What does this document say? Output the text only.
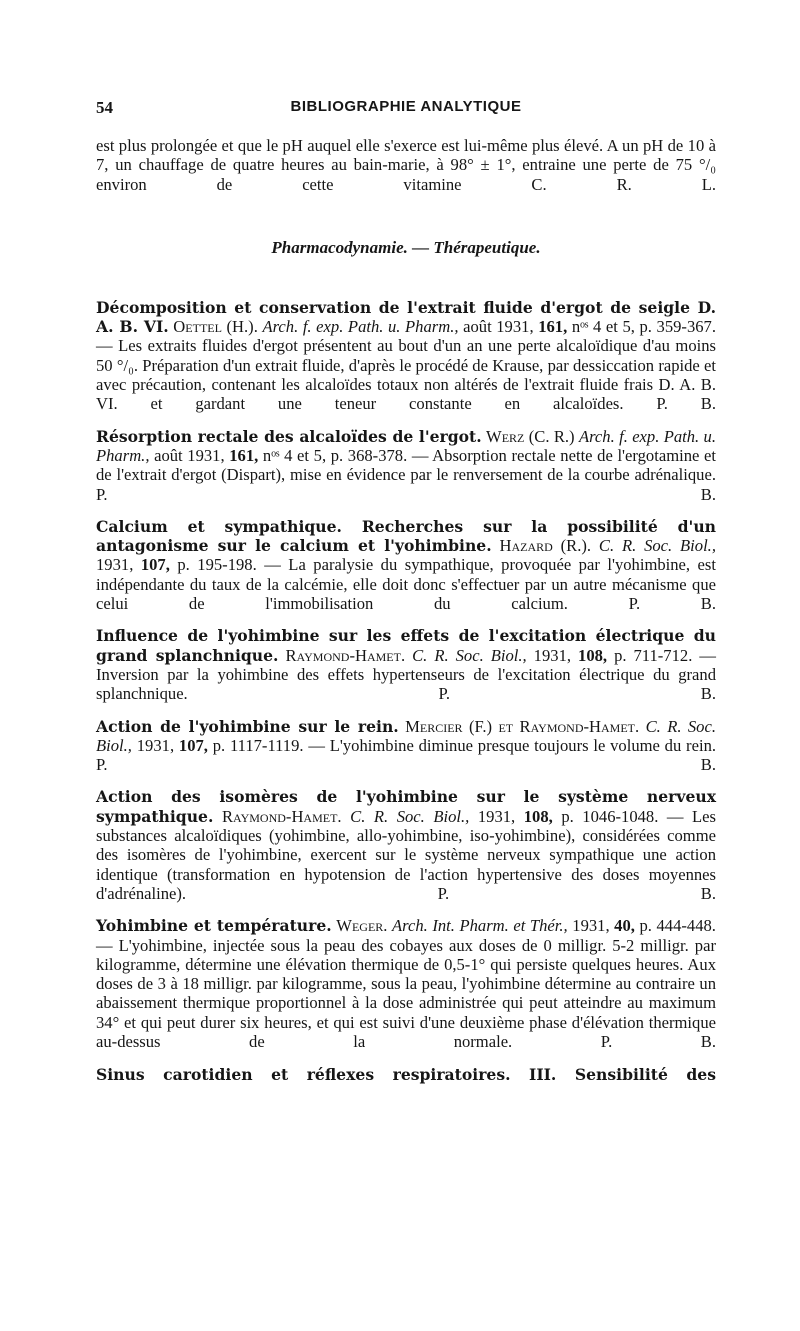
54	BIBLIOGRAPHIE ANALYTIQUE

est plus prolongée et que le pH auquel elle s'exerce est lui-même plus élevé. A un pH de 10 à 7, un chauffage de quatre heures au bain-marie, à 98° ± 1°, entraine une perte de 75 °/₀ environ de cette vitamine C.	R. L.

Pharmacodynamie. — Thérapeutique.

Décomposition et conservation de l'extrait fluide d'ergot de seigle D. A. B. VI. Oettel (H.). Arch. f. exp. Path. u. Pharm., août 1931, 161, nᵒˢ 4 et 5, p. 359-367. — Les extraits fluides d'ergot présentent au bout d'un an une perte alcaloïdique d'au moins 50 °/₀. Préparation d'un extrait fluide, d'après le procédé de Krause, par dessiccation rapide et avec précaution, contenant les alcaloïdes totaux non altérés de l'extrait fluide frais D. A. B. VI. et gardant une teneur constante en alcaloïdes. P. B.

Résorption rectale des alcaloïdes de l'ergot. Werz (C. R.) Arch. f. exp. Path. u. Pharm., août 1931, 161, nᵒˢ 4 et 5, p. 368-378. — Absorption rectale nette de l'ergotamine et de l'extrait d'ergot (Dispart), mise en évidence par le renversement de la courbe adrénalique. P. B.

Calcium et sympathique. Recherches sur la possibilité d'un antagonisme sur le calcium et l'yohimbine. Hazard (R.). C. R. Soc. Biol., 1931, 107, p. 195-198. — La paralysie du sympathique, provoquée par l'yohimbine, est indépendante du taux de la calcémie, elle doit donc s'effectuer par un autre mécanisme que celui de l'immobilisation du calcium.	P. B.

Influence de l'yohimbine sur les effets de l'excitation électrique du grand splanchnique. Raymond-Hamet. C. R. Soc. Biol., 1931, 108, p. 711-712. — Inversion par la yohimbine des effets hypertenseurs de l'excitation électrique du grand splanchnique.	P. B.

Action de l'yohimbine sur le rein. Mercier (F.) et Raymond-Hamet. C. R. Soc. Biol., 1931, 107, p. 1117-1119. — L'yohimbine diminue presque toujours le volume du rein. P. B.

Action des isomères de l'yohimbine sur le système nerveux sympathique. Raymond-Hamet. C. R. Soc. Biol., 1931, 108, p. 1046-1048. — Les substances alcaloïdiques (yohimbine, allo-yohimbine, iso-yohimbine), considérées comme des isomères de l'yohimbine, exercent sur le système nerveux sympathique une action identique (transformation en hypotension de l'action hypertensive des doses moyennes d'adrénaline).	P. B.

Yohimbine et température. Weger. Arch. Int. Pharm. et Thér., 1931, 40, p. 444-448. — L'yohimbine, injectée sous la peau des cobayes aux doses de 0 milligr. 5-2 milligr. par kilogramme, détermine une élévation thermique de 0,5-1° qui persiste quelques heures. Aux doses de 3 à 18 milligr. par kilogramme, sous la peau, l'yohimbine détermine au contraire un abaissement thermique proportionnel à la dose administrée qui peut atteindre au maximum 34° et qui peut durer six heures, et qui est suivi d'une deuxième phase d'élévation thermique au-dessus de la normale.	P. B.

Sinus carotidien et réflexes respiratoires. III. Sensibilité des
